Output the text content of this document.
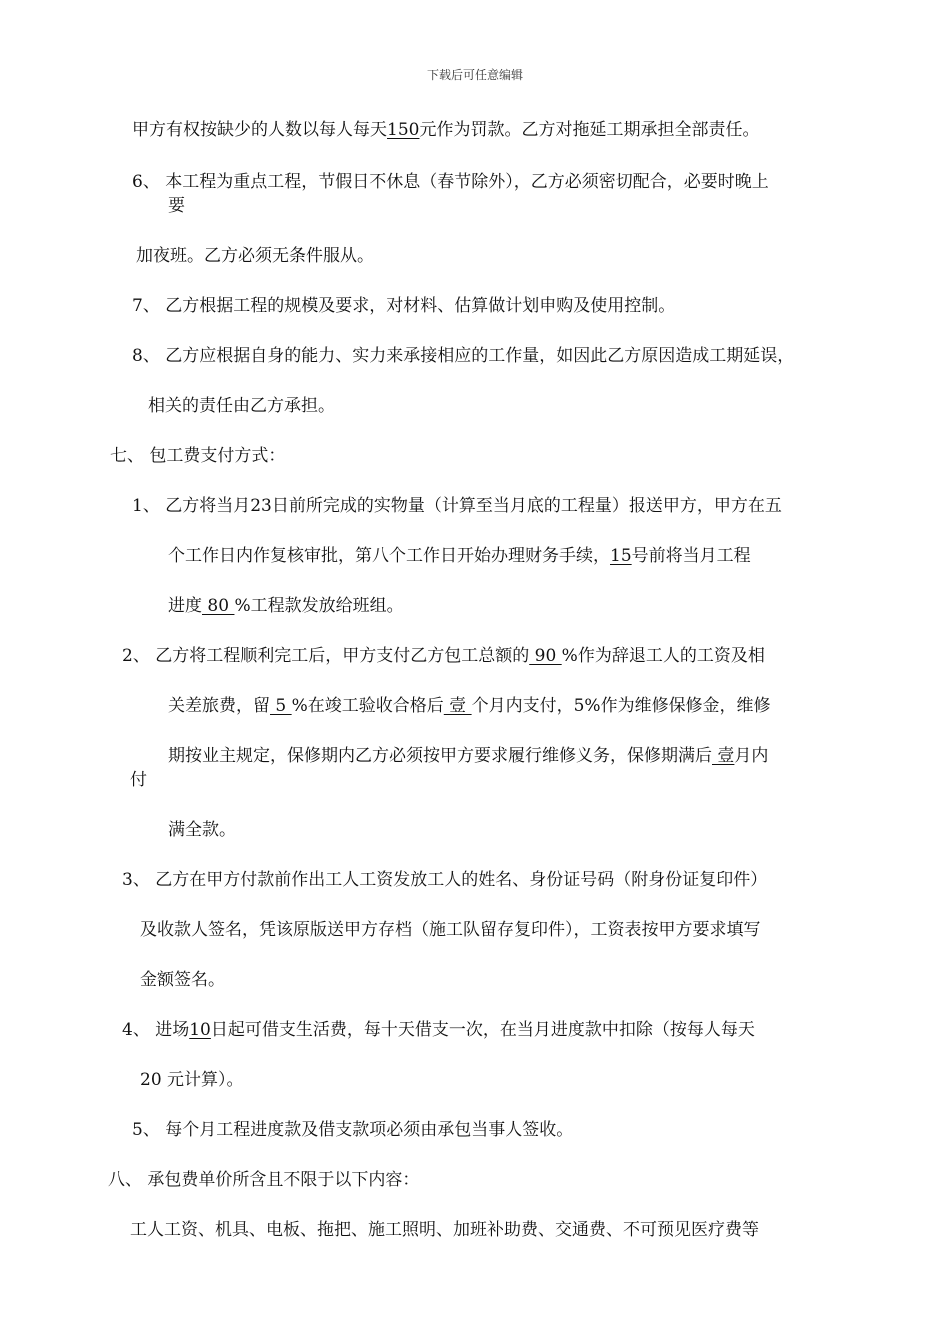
下载后可任意编辑
甲方有权按缺少的人数以每人每天150元作为罚款。乙方对拖延工期承担全部责任。
6、 本工程为重点工程，节假日不休息（春节除外），乙方必须密切配合，必要时晚上
要
加夜班。乙方必须无条件服从。
7、 乙方根据工程的规模及要求，对材料、估算做计划申购及使用控制。
8、 乙方应根据自身的能力、实力来承接相应的工作量，如因此乙方原因造成工期延误，
相关的责任由乙方承担。
七、 包工费支付方式：
1、 乙方将当月23日前所完成的实物量（计算至当月底的工程量）报送甲方，甲方在五
个工作日内作复核审批，第八个工作日开始办理财务手续，15号前将当月工程
进度 80 %工程款发放给班组。
2、 乙方将工程顺利完工后，甲方支付乙方包工总额的 90 %作为辞退工人的工资及相
关差旅费，留 5 %在竣工验收合格后 壹 个月内支付，5%作为维修保修金，维修
期按业主规定，保修期内乙方必须按甲方要求履行维修义务，保修期满后 壹月内
付
满全款。
3、 乙方在甲方付款前作出工人工资发放工人的姓名、身份证号码（附身份证复印件）
及收款人签名，凭该原版送甲方存档（施工队留存复印件），工资表按甲方要求填写
金额签名。
4、 进场10日起可借支生活费，每十天借支一次，在当月进度款中扣除（按每人每天
20 元计算）。
5、 每个月工程进度款及借支款项必须由承包当事人签收。
八、 承包费单价所含且不限于以下内容：
工人工资、机具、电板、拖把、施工照明、加班补助费、交通费、不可预见医疗费等
